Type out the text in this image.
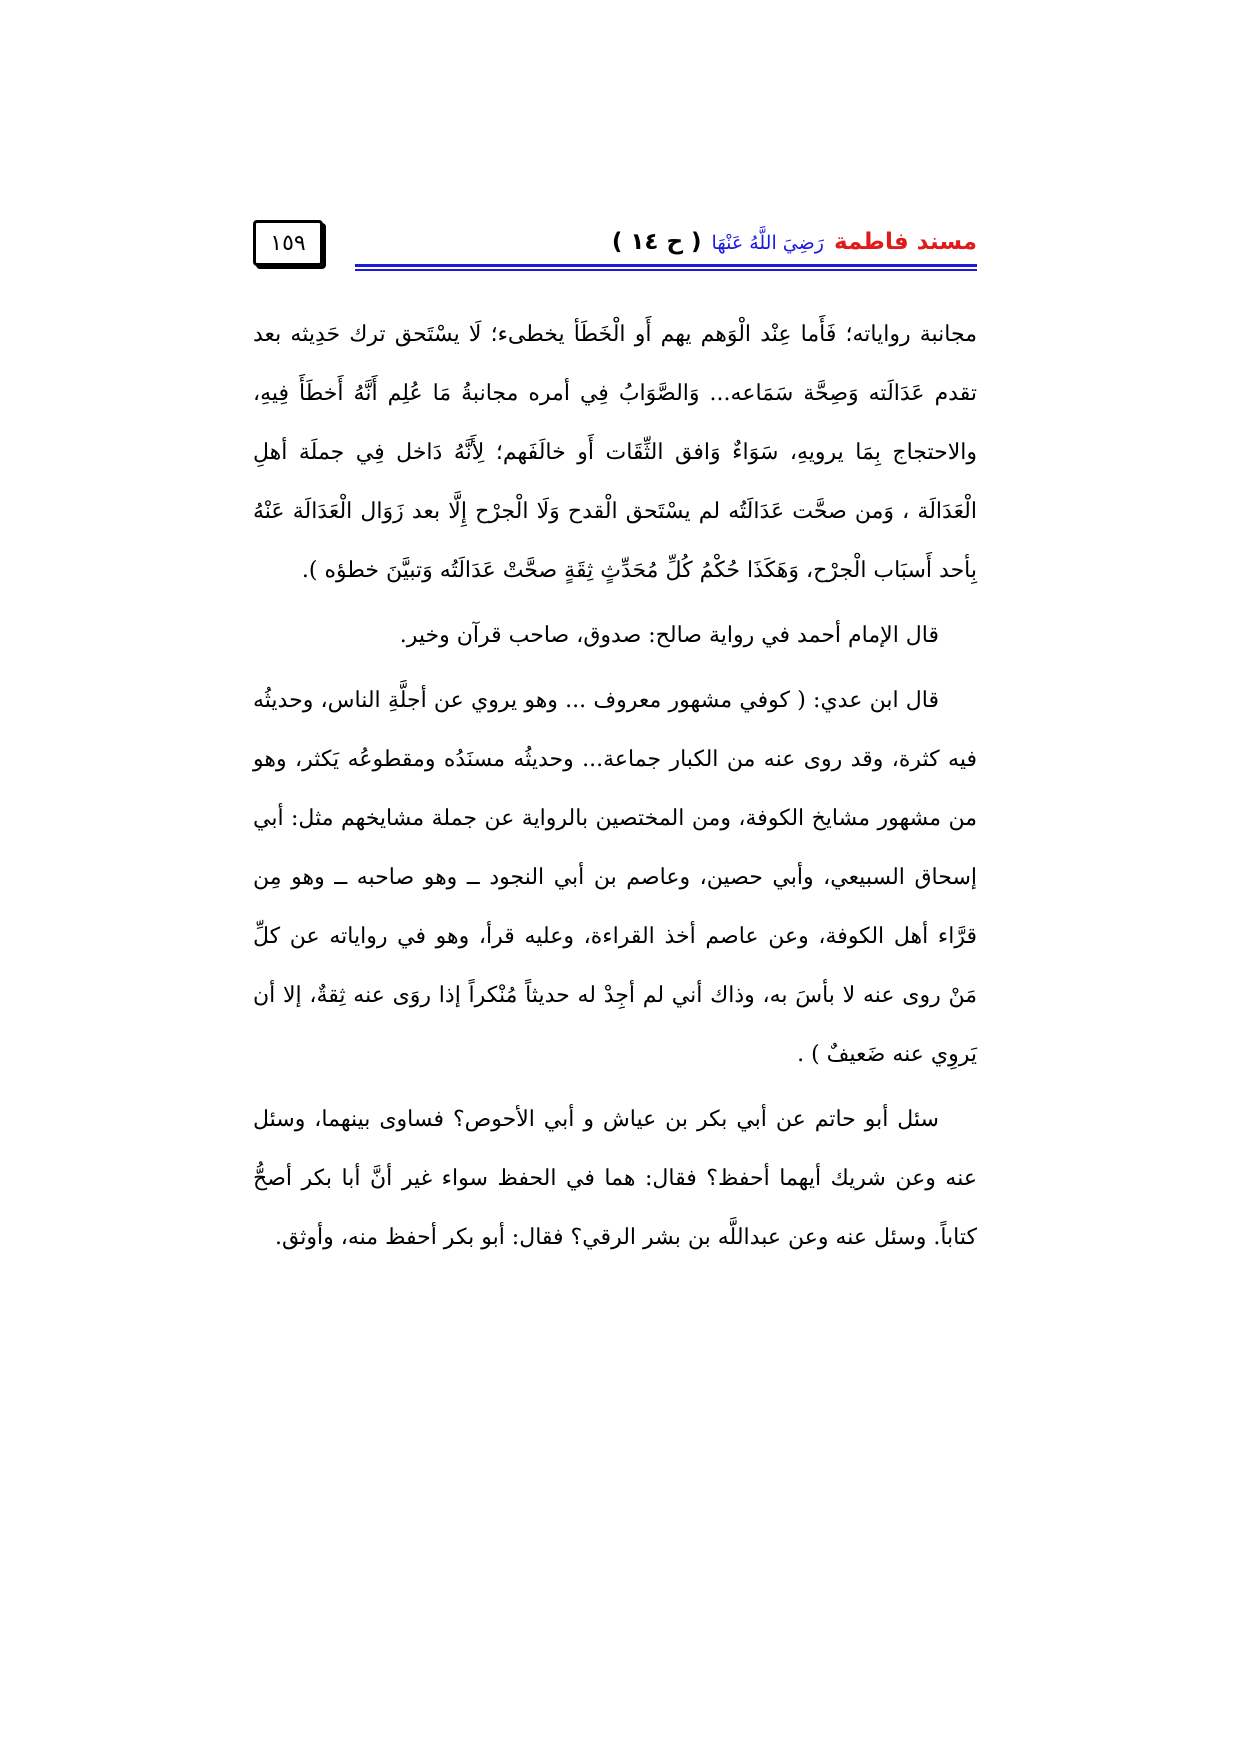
١٥٩	مسند فاطمة رَضِيَ اللَّهُ عَنْهَا ( ح ١٤ )

مجانبة رواياته؛ فَأَما عِنْد الْوَهم يهم أَو الْخَطَأ يخطىء؛ لَا يسْتَحق ترك حَدِيثه بعد تقدم عَدَالَته وَصِحَّة سَمَاعه... وَالصَّوَابُ فِي أمره مجانبةُ مَا عُلِم أَنَّهُ أَخطَأَ فِيهِ، والاحتجاج بِمَا يرويهِ، سَوَاءٌ وَافق الثِّقَات أَو خالَفَهم؛ لِأَنَّهُ دَاخل فِي جملَة أهلِ الْعَدَالَة ، وَمن صحَّت عَدَالَتُه لم يسْتَحق الْقدح وَلَا الْجرْح إِلَّا بعد زَوَال الْعَدَالَة عَنْهُ بِأحد أَسبَاب الْجرْح، وَهَكَذَا حُكْمُ كُلِّ مُحَدِّثٍ ثِقَةٍ صحَّتْ عَدَالَتُه وَتبيَّنَ خطؤه ).

قال الإمام أحمد في رواية صالح: صدوق، صاحب قرآن وخير.

قال ابن عدي: ( كوفي مشهور معروف ... وهو يروي عن أجلَّةِ الناس، وحديثُه فيه كثرة، وقد روى عنه من الكبار جماعة... وحديثُه مسنَدُه ومقطوعُه يَكثر، وهو من مشهور مشايخ الكوفة، ومن المختصين بالرواية عن جملة مشايخهم مثل: أبي إسحاق السبيعي، وأبي حصين، وعاصم بن أبي النجود ــ وهو صاحبه ــ وهو مِن قرَّاء أهل الكوفة، وعن عاصم أخذ القراءة، وعليه قرأ، وهو في رواياته عن كلِّ مَنْ روى عنه لا بأسَ به، وذاك أني لم أجِدْ له حديثاً مُنْكراً إذا روَى عنه ثِقةٌ، إلا أن يَروِي عنه ضَعيفٌ ) .

سئل أبو حاتم عن أبي بكر بن عياش و أبي الأحوص؟ فساوى بينهما، وسئل عنه وعن شريك أيهما أحفظ؟ فقال: هما في الحفظ سواء غير أنَّ أبا بكر أصحُّ كتاباً. وسئل عنه وعن عبداللَّه بن بشر الرقي؟ فقال: أبو بكر أحفظ منه، وأوثق.
